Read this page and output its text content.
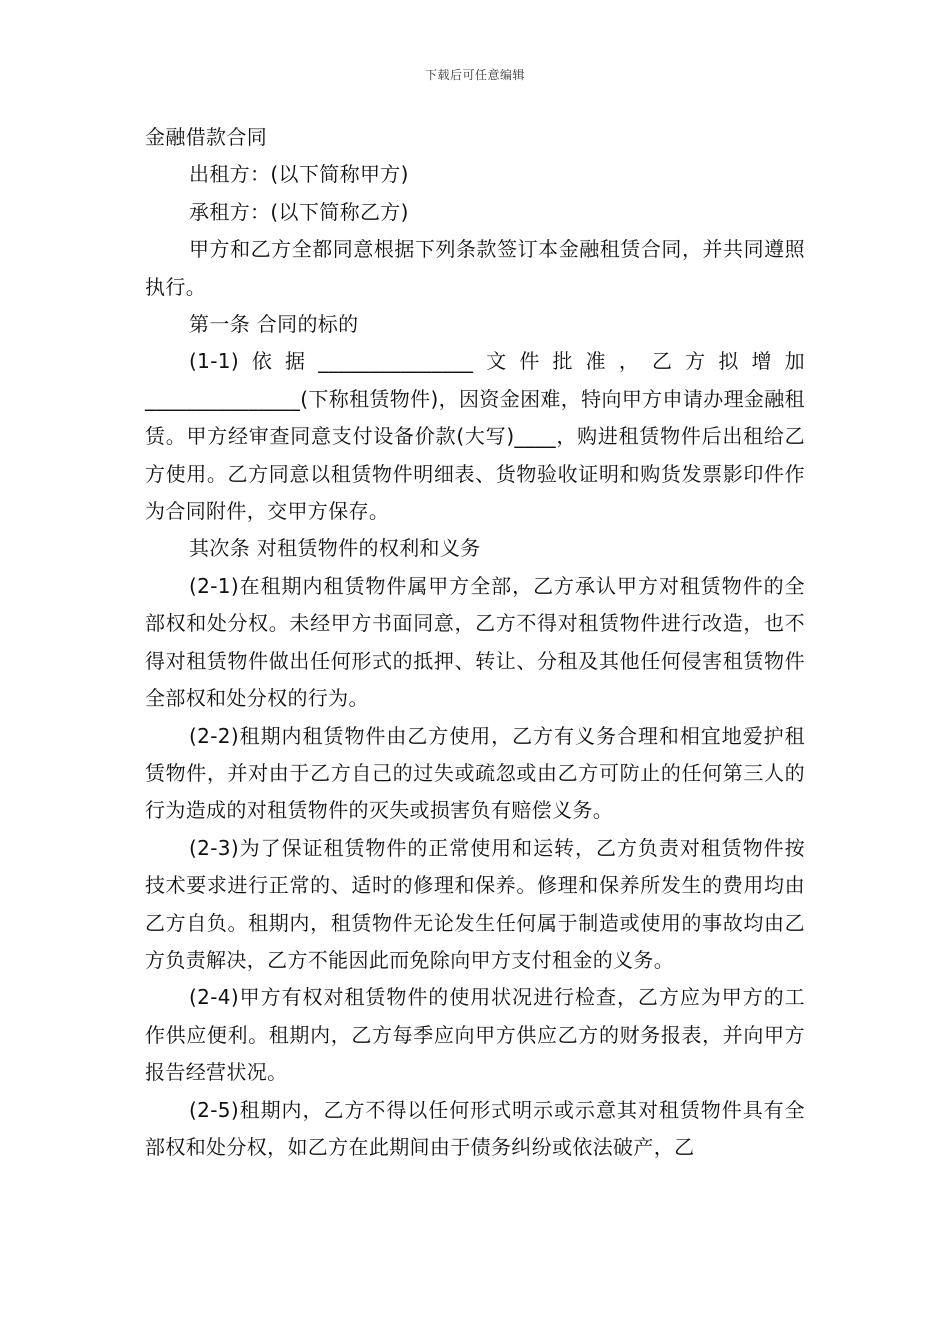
下载后可任意编辑

金融借款合同

出租方：(以下简称甲方)

承租方：(以下简称乙方)

甲方和乙方全都同意根据下列条款签订本金融租赁合同，并共同遵照执行。

第一条 合同的标的

(1-1)依据_______________文件批准，乙方拟增加_______________(下称租赁物件)，因资金困难，特向甲方申请办理金融租赁。甲方经审查同意支付设备价款(大写)____，购进租赁物件后出租给乙方使用。乙方同意以租赁物件明细表、货物验收证明和购货发票影印件作为合同附件，交甲方保存。

其次条 对租赁物件的权利和义务

(2-1)在租期内租赁物件属甲方全部，乙方承认甲方对租赁物件的全部权和处分权。未经甲方书面同意，乙方不得对租赁物件进行改造，也不得对租赁物件做出任何形式的抵押、转让、分租及其他任何侵害租赁物件全部权和处分权的行为。

(2-2)租期内租赁物件由乙方使用，乙方有义务合理和相宜地爱护租赁物件，并对由于乙方自己的过失或疏忽或由乙方可防止的任何第三人的行为造成的对租赁物件的灭失或损害负有赔偿义务。

(2-3)为了保证租赁物件的正常使用和运转，乙方负责对租赁物件按技术要求进行正常的、适时的修理和保养。修理和保养所发生的费用均由乙方自负。租期内，租赁物件无论发生任何属于制造或使用的事故均由乙方负责解决，乙方不能因此而免除向甲方支付租金的义务。

(2-4)甲方有权对租赁物件的使用状况进行检查，乙方应为甲方的工作供应便利。租期内，乙方每季应向甲方供应乙方的财务报表，并向甲方报告经营状况。

(2-5)租期内，乙方不得以任何形式明示或示意其对租赁物件具有全部权和处分权，如乙方在此期间由于债务纠纷或依法破产，乙
